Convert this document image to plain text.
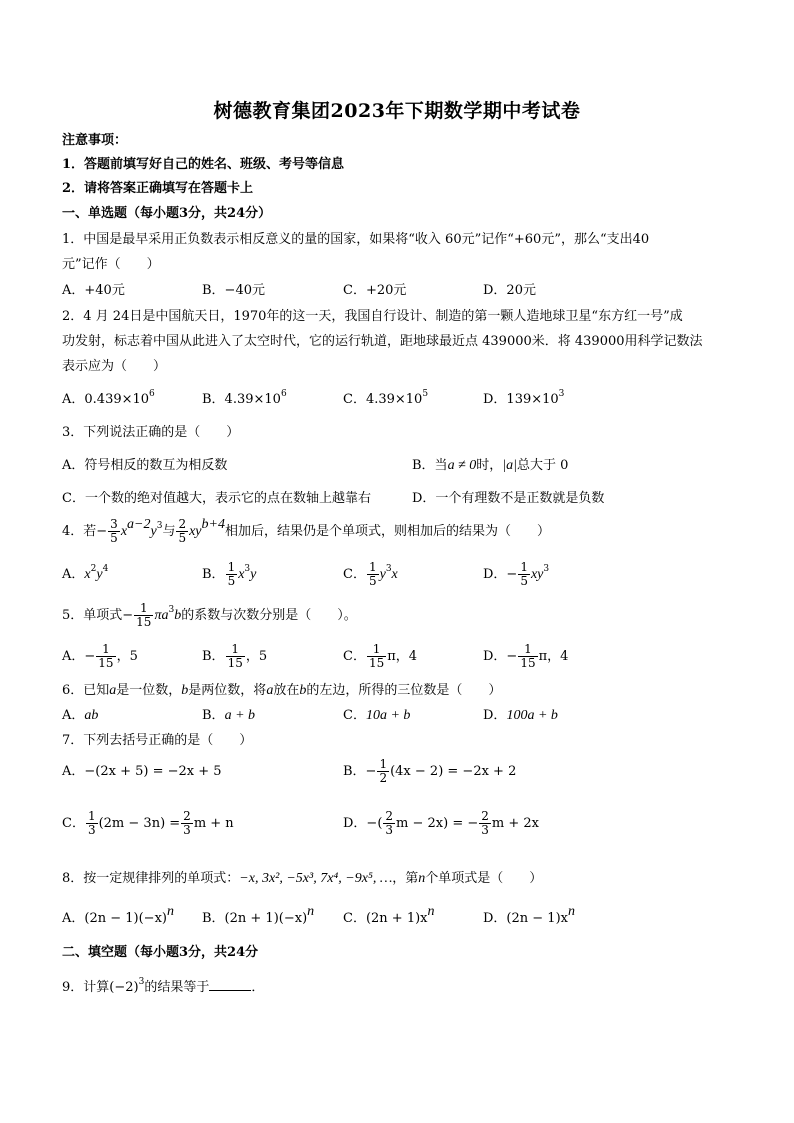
树德教育集团2023年下期数学期中考试卷
注意事项：
1．答题前填写好自己的姓名、班级、考号等信息
2．请将答案正确填写在答题卡上
一、单选题（每小题3分，共24分）
1．中国是最早采用正负数表示相反意义的量的国家，如果将“收入 60元”记作“+60元”，那么“支出40
元”记作（　　）
A．+40元	B．−40元	C．+20元	D．20元
2．4 月 24日是中国航天日，1970年的这一天，我国自行设计、制造的第一颗人造地球卫星“东方红一号”成
功发射，标志着中国从此进入了太空时代，它的运行轨道，距地球最近点 439000米．将 439000用科学记数法
表示应为（　　）
A．$0.439\times 10^6$	B．$4.39\times 10^6$	C．$4.39\times 10^5$	D．$139\times 10^3$
3．下列说法正确的是（　　）
A．符号相反的数互为相反数	B．当a ≠ 0时，|a|总大于 0
C．一个数的绝对值越大，表示它的点在数轴上越靠右	D．一个有理数不是正数就是负数
4．若− $\frac{3}{5} x^{a-2}y^3$与 $\frac{2}{5} xy^{b+4}$相加后，结果仍是个单项式，则相加后的结果为（　　）
A．$x^2y^4$	B． $\frac{1}{5} x^3y$	C． $\frac{1}{5} y^3x$	D．− $\frac{1}{5} xy^3$
5．单项式− $\frac{1}{15} \pi a^3b$的系数与次数分别是（　　）。
A．− $\frac{1}{15}$ ，5	B． $\frac{1}{15}$ ，5	C． $\frac{1}{15}$ π，4	D．− $\frac{1}{15}$ π，4
6．已知a是一位数，b是两位数，将a放在b的左边，所得的三位数是（　　）
A．ab	B．a + b	C．10a + b	D．100a + b
7．下列去括号正确的是（　　）
A．−(2x + 5) = −2x + 5	B．− $\frac{1}{2} (4x - 2) = -2x + 2$
C． $\frac{1}{3} (2m - 3n) = \frac{2}{3}$ m + n	D．−( $\frac{2}{3}$ m − 2x) = − $\frac{2}{3}$ m + 2x
8．按一定规律排列的单项式：−x, 3x², −5x³, 7x⁴, −9x⁵, …，第n个单项式是（　　）
A．$(2n - 1)(-x)^n$ B．$(2n + 1)(-x)^n$ C．$(2n + 1)x^n$	D．$(2n - 1)x^n$
二、填空题（每小题3分，共24分
9．计算$(-2)^3$的结果等于	．
